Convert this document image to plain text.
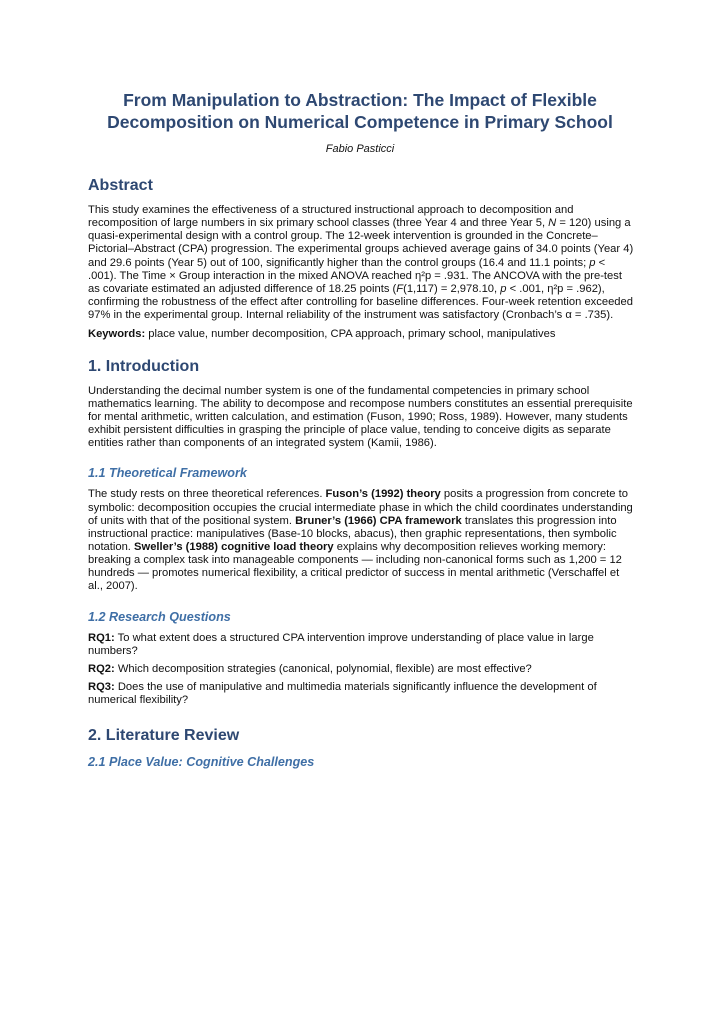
From Manipulation to Abstraction: The Impact of Flexible Decomposition on Numerical Competence in Primary School
Fabio Pasticci
Abstract

This study examines the effectiveness of a structured instructional approach to decomposition and recomposition of large numbers in six primary school classes (three Year 4 and three Year 5, N = 120) using a quasi-experimental design with a control group. The 12-week intervention is grounded in the Concrete–Pictorial–Abstract (CPA) progression. The experimental groups achieved average gains of 34.0 points (Year 4) and 29.6 points (Year 5) out of 100, significantly higher than the control groups (16.4 and 11.1 points; p < .001). The Time × Group interaction in the mixed ANOVA reached η²p = .931. The ANCOVA with the pre-test as covariate estimated an adjusted difference of 18.25 points (F(1,117) = 2,978.10, p < .001, η²p = .962), confirming the robustness of the effect after controlling for baseline differences. Four-week retention exceeded 97% in the experimental group. Internal reliability of the instrument was satisfactory (Cronbach’s α = .735).

Keywords: place value, number decomposition, CPA approach, primary school, manipulatives

1. Introduction

Understanding the decimal number system is one of the fundamental competencies in primary school mathematics learning. The ability to decompose and recompose numbers constitutes an essential prerequisite for mental arithmetic, written calculation, and estimation (Fuson, 1990; Ross, 1989). However, many students exhibit persistent difficulties in grasping the principle of place value, tending to conceive digits as separate entities rather than components of an integrated system (Kamii, 1986).

1.1 Theoretical Framework

The study rests on three theoretical references. Fuson’s (1992) theory posits a progression from concrete to symbolic: decomposition occupies the crucial intermediate phase in which the child coordinates understanding of units with that of the positional system. Bruner’s (1966) CPA framework translates this progression into instructional practice: manipulatives (Base-10 blocks, abacus), then graphic representations, then symbolic notation. Sweller’s (1988) cognitive load theory explains why decomposition relieves working memory: breaking a complex task into manageable components — including non-canonical forms such as 1,200 = 12 hundreds — promotes numerical flexibility, a critical predictor of success in mental arithmetic (Verschaffel et al., 2007).

1.2 Research Questions

RQ1: To what extent does a structured CPA intervention improve understanding of place value in large numbers?

RQ2: Which decomposition strategies (canonical, polynomial, flexible) are most effective?

RQ3: Does the use of manipulative and multimedia materials significantly influence the development of numerical flexibility?

2. Literature Review
2.1 Place Value: Cognitive Challenges
